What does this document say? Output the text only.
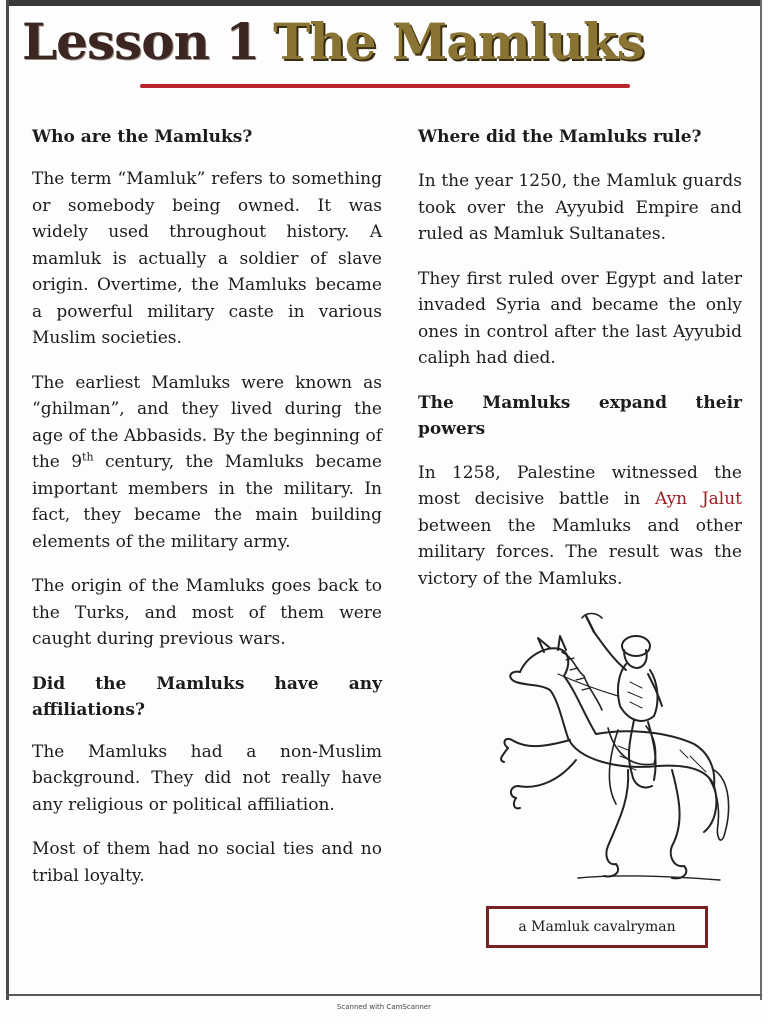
Lesson 1 The Mamluks
Who are the Mamluks?

The term “Mamluk” refers to something or somebody being owned. It was widely used throughout history. A mamluk is actually a soldier of slave origin. Overtime, the Mamluks became a powerful military caste in various Muslim societies.

The earliest Mamluks were known as “ghilman”, and they lived during the age of the Abbasids. By the beginning of the 9th century, the Mamluks became important members in the military. In fact, they became the main building elements of the military army.

The origin of the Mamluks goes back to the Turks, and most of them were caught during previous wars.

Did the Mamluks have any affiliations?

The Mamluks had a non-Muslim background. They did not really have any religious or political affiliation.

Most of them had no social ties and no tribal loyalty.

Where did the Mamluks rule?

In the year 1250, the Mamluk guards took over the Ayyubid Empire and ruled as Mamluk Sultanates.

They first ruled over Egypt and later invaded Syria and became the only ones in control after the last Ayyubid caliph had died.

The Mamluks expand their powers

In 1258, Palestine witnessed the most decisive battle in Ayn Jalut between the Mamluks and other military forces. The result was the victory of the Mamluks.

a Mamluk cavalryman
Scanned with CamScanner
